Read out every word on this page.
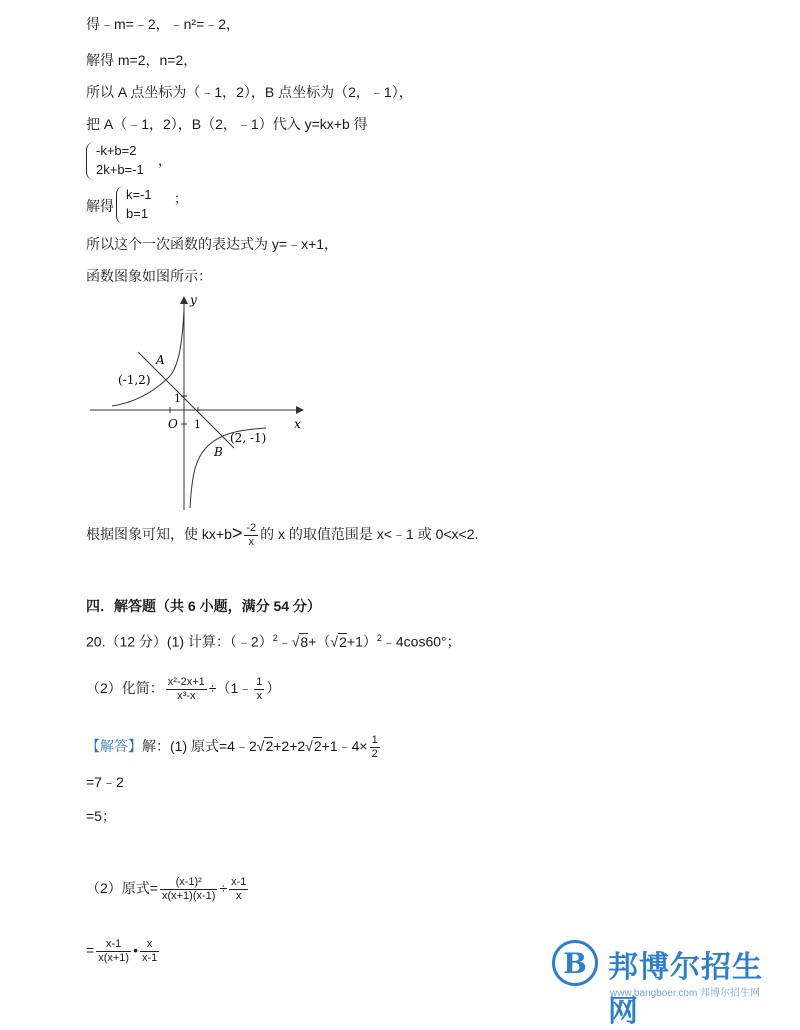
得﹣m=﹣2，﹣n²=﹣2，
解得 m=2，n=2，
所以 A 点坐标为（﹣1，2），B 点坐标为（2，﹣1），
把 A（﹣1，2），B（2，﹣1）代入 y=kx+b 得
-k+b=2
2k+b=-1
，
解得
k=-1
b=1
；
所以这个一次函数的表达式为 y=﹣x+1，
函数图象如图所示：
y
x
O 1
1
A
(-1,2)
B
(2, -1)
根据图象可知，使 $kx+b> \frac{-2}{x}$ 的 x 的取值范围是 x<﹣1 或 0<x<2.
四．解答题（共 6 小题，满分 54 分）
20.（12 分）(1) 计算：$(﹣2)^2﹣√8+(√2+1)^2﹣4\cos 60^\circ$；
（2）化简： $\frac{\text{x²-2x+1}}{\text{x³-x}}$ ÷（1﹣ $\frac{1}{x}$ ）
【解答】解：(1) 原式=4﹣2√2+2+2√2+1﹣4× $\frac{1}{2}$
=7﹣2
=5；
（2）原式= $\frac{\text{(x-1)²}}{x(x+1)(x-1)} \div \frac{x-1}{x}$
= $\frac{x-1}{x(x+1)}$ • $\frac{x}{x-1}$	B 邦博尔招生网
www.bangboer.com 邦博尔招生网
